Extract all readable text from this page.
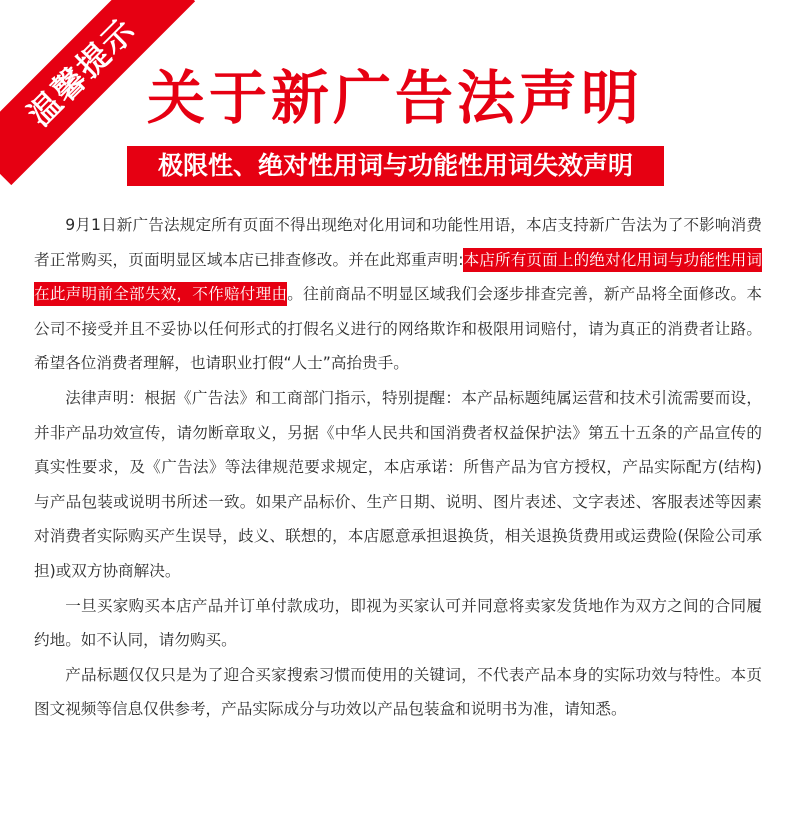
温馨提示 关于新广告法声明
极限性、绝对性用词与功能性用词失效声明

9月1日新广告法规定所有页面不得出现绝对化用词和功能性用语，本店支持新广告法为了不影响消费者正常购买，页面明显区域本店已排查修改。并在此郑重声明:本店所有页面上的绝对化用词与功能性用词在此声明前全部失效，不作赔付理由。往前商品不明显区域我们会逐步排查完善，新产品将全面修改。本公司不接受并且不妥协以任何形式的打假名义进行的网络欺诈和极限用词赔付，请为真正的消费者让路。希望各位消费者理解，也请职业打假“人士”高抬贵手。

法律声明：根据《广告法》和工商部门指示，特别提醒：本产品标题纯属运营和技术引流需要而设，并非产品功效宣传，请勿断章取义，另据《中华人民共和国消费者权益保护法》第五十五条的产品宣传的真实性要求，及《广告法》等法律规范要求规定，本店承诺：所售产品为官方授权，产品实际配方(结构)与产品包装或说明书所述一致。如果产品标价、生产日期、说明、图片表述、文字表述、客服表述等因素对消费者实际购买产生误导，歧义、联想的，本店愿意承担退换货，相关退换货费用或运费险(保险公司承担)或双方协商解决。

一旦买家购买本店产品并订单付款成功，即视为买家认可并同意将卖家发货地作为双方之间的合同履约地。如不认同，请勿购买。

产品标题仅仅只是为了迎合买家搜索习惯而使用的关键词，不代表产品本身的实际功效与特性。本页图文视频等信息仅供参考，产品实际成分与功效以产品包装盒和说明书为准，请知悉。
